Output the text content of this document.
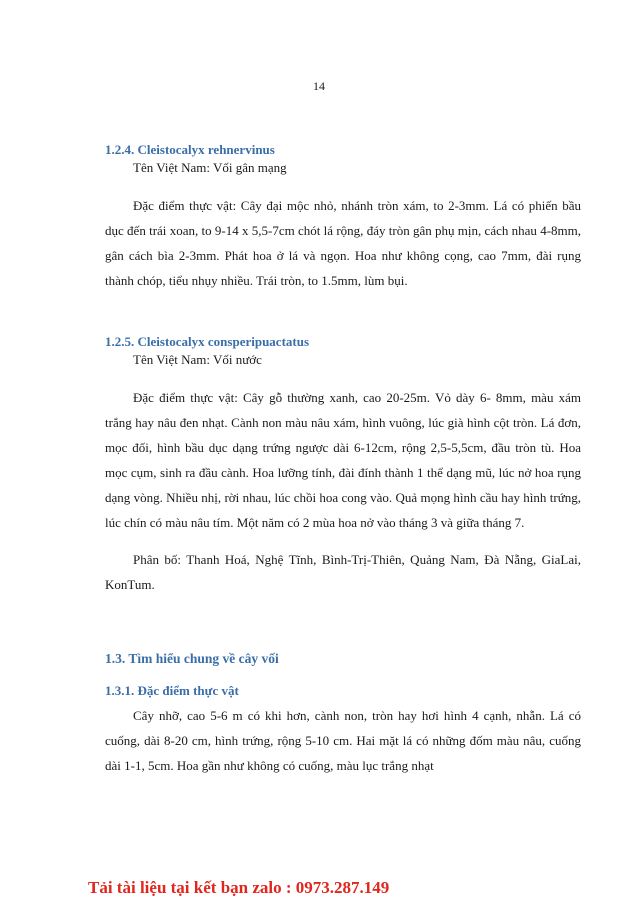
14

1.2.4. Cleistocalyx rehnervinus

Tên Việt Nam: Vối gân mạng

Đặc điểm thực vật: Cây đại mộc nhỏ, nhánh tròn xám, to 2-3mm. Lá có phiến bầu dục đến trái xoan, to 9-14 x 5,5-7cm chót lá rộng, đáy tròn gân phụ mịn, cách nhau 4-8mm, gân cách bìa 2-3mm. Phát hoa ở lá và ngọn. Hoa như không cọng, cao 7mm, đài rụng thành chóp, tiểu nhụy nhiều. Trái tròn, to 1.5mm, lùm bụi.

1.2.5. Cleistocalyx consperipuactatus

Tên Việt Nam: Vối nước

Đặc điểm thực vật: Cây gỗ thường xanh, cao 20-25m. Vỏ dày 6- 8mm, màu xám trắng hay nâu đen nhạt. Cành non màu nâu xám, hình vuông, lúc già hình cột tròn. Lá đơn, mọc đối, hình bầu dục dạng trứng ngược dài 6-12cm, rộng 2,5-5,5cm, đầu tròn tù. Hoa mọc cụm, sinh ra đầu cành. Hoa lưỡng tính, đài đính thành 1 thể dạng mũ, lúc nở hoa rụng dạng vòng. Nhiều nhị, rời nhau, lúc chồi hoa cong vào. Quả mọng hình cầu hay hình trứng, lúc chín có màu nâu tím. Một năm có 2 mùa hoa nở vào tháng 3 và giữa tháng 7.

Phân bố: Thanh Hoá, Nghệ Tĩnh, Bình-Trị-Thiên, Quảng Nam, Đà Nẵng, GiaLai, KonTum.

1.3. Tìm hiểu chung về cây vối

1.3.1. Đặc điểm thực vật

Cây nhỡ, cao 5-6 m có khi hơn, cành non, tròn hay hơi hình 4 cạnh, nhẵn. Lá có cuống, dài 8-20 cm, hình trứng, rộng 5-10 cm. Hai mặt lá có những đốm màu nâu, cuống dài 1-1, 5cm. Hoa gần như không có cuống, màu lục trắng nhạt

Tải tài liệu tại kết bạn zalo : 0973.287.149
